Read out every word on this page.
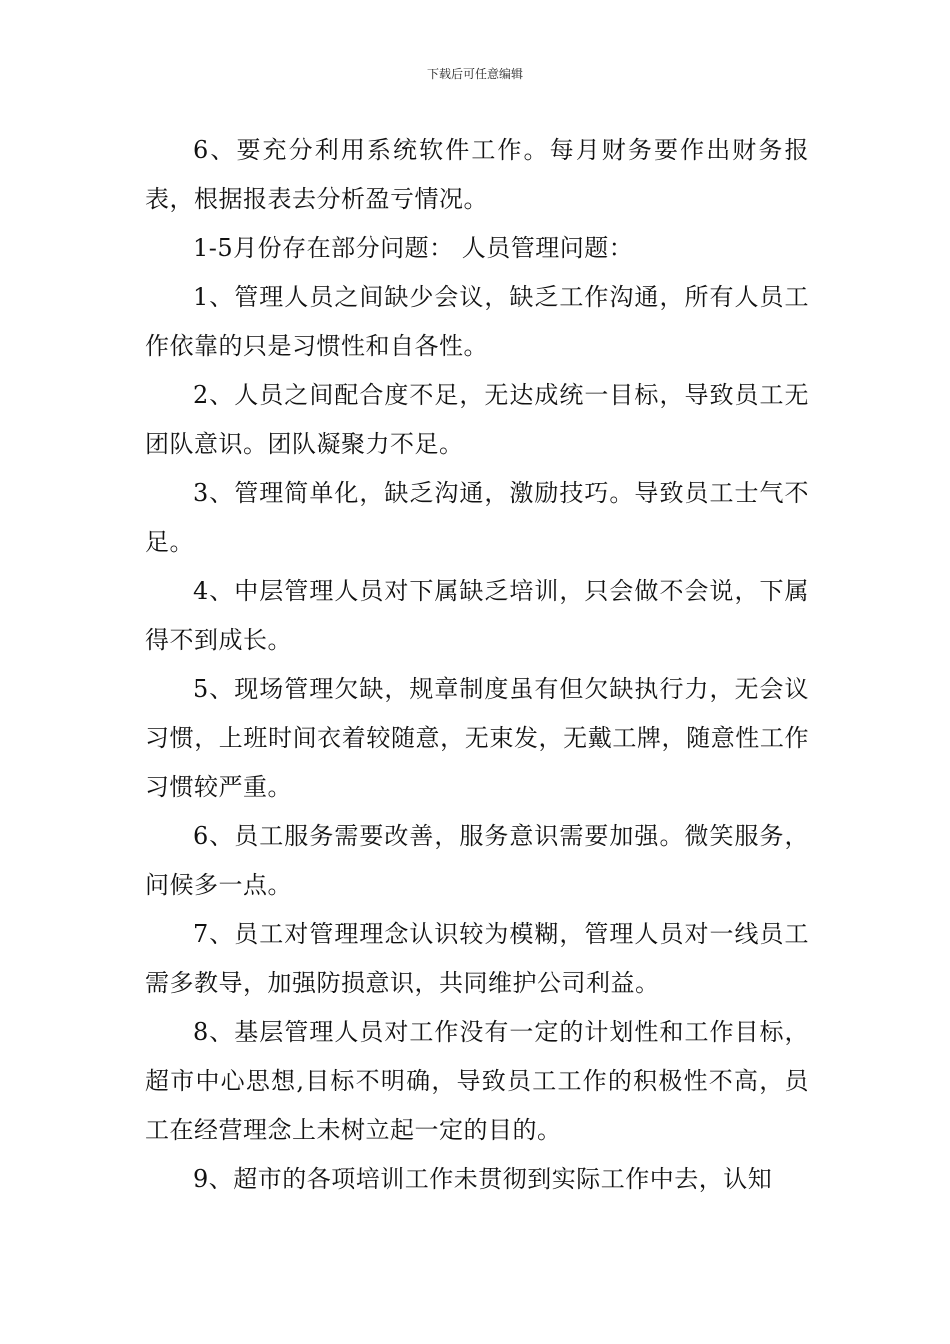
下载后可任意编辑

6、要充分利用系统软件工作。每月财务要作出财务报表，根据报表去分析盈亏情况。

1-5月份存在部分问题： 人员管理问题：

1、管理人员之间缺少会议，缺乏工作沟通，所有人员工作依靠的只是习惯性和自各性。

2、人员之间配合度不足，无达成统一目标，导致员工无团队意识。团队凝聚力不足。

3、管理简单化，缺乏沟通，激励技巧。导致员工士气不足。

4、中层管理人员对下属缺乏培训，只会做不会说，下属得不到成长。

5、现场管理欠缺，规章制度虽有但欠缺执行力，无会议习惯，上班时间衣着较随意，无束发，无戴工牌，随意性工作习惯较严重。

6、员工服务需要改善，服务意识需要加强。微笑服务，问候多一点。

7、员工对管理理念认识较为模糊，管理人员对一线员工需多教导，加强防损意识，共同维护公司利益。

8、基层管理人员对工作没有一定的计划性和工作目标，超市中心思想,目标不明确，导致员工工作的积极性不高，员工在经营理念上未树立起一定的目的。

9、超市的各项培训工作未贯彻到实际工作中去，认知
